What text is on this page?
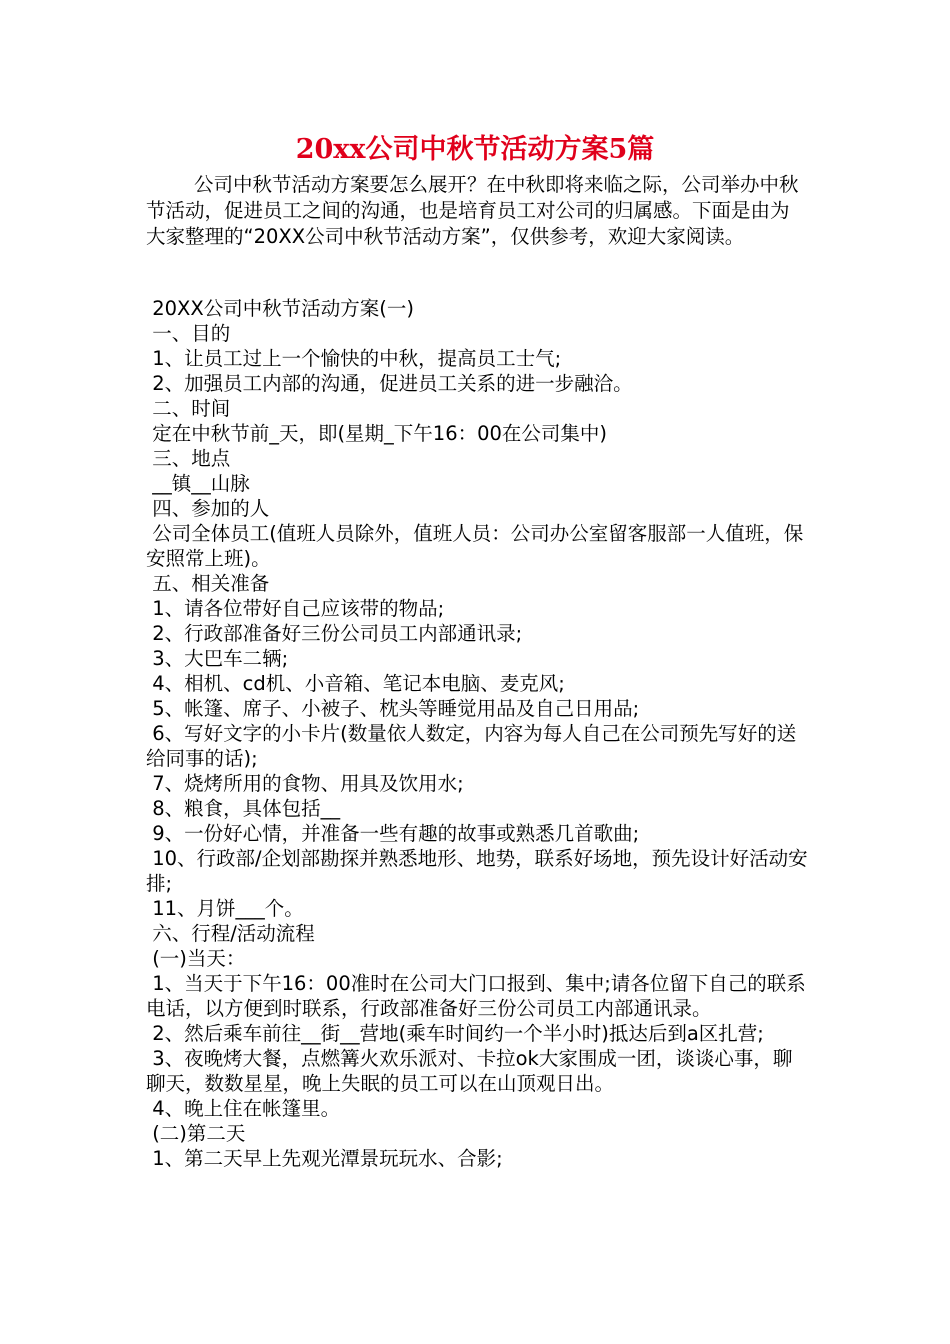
20xx公司中秋节活动方案5篇

公司中秋节活动方案要怎么展开？在中秋即将来临之际，公司举办中秋节活动，促进员工之间的沟通，也是培育员工对公司的归属感。下面是由为大家整理的“20XX公司中秋节活动方案”，仅供参考，欢迎大家阅读。

20XX公司中秋节活动方案(一)

一、目的

1、让员工过上一个愉快的中秋，提高员工士气;

2、加强员工内部的沟通，促进员工关系的进一步融洽。

二、时间

定在中秋节前_天，即(星期_下午16：00在公司集中)

三、地点

__镇__山脉

四、参加的人

公司全体员工(值班人员除外，值班人员：公司办公室留客服部一人值班，保安照常上班)。

五、相关准备

1、请各位带好自己应该带的物品;

2、行政部准备好三份公司员工内部通讯录;

3、大巴车二辆;

4、相机、cd机、小音箱、笔记本电脑、麦克风;

5、帐篷、席子、小被子、枕头等睡觉用品及自己日用品;

6、写好文字的小卡片(数量依人数定，内容为每人自己在公司预先写好的送给同事的话);

7、烧烤所用的食物、用具及饮用水;

8、粮食，具体包括__

9、一份好心情，并准备一些有趣的故事或熟悉几首歌曲;

10、行政部/企划部勘探并熟悉地形、地势，联系好场地，预先设计好活动安排;

11、月饼___个。

六、行程/活动流程

(一)当天：

1、当天于下午16：00准时在公司大门口报到、集中;请各位留下自己的联系电话，以方便到时联系，行政部准备好三份公司员工内部通讯录。

2、然后乘车前往__街__营地(乘车时间约一个半小时)抵达后到a区扎营;

3、夜晚烤大餐，点燃篝火欢乐派对、卡拉ok大家围成一团，谈谈心事，聊聊天，数数星星，晚上失眠的员工可以在山顶观日出。

4、晚上住在帐篷里。

(二)第二天

1、第二天早上先观光潭景玩玩水、合影;
